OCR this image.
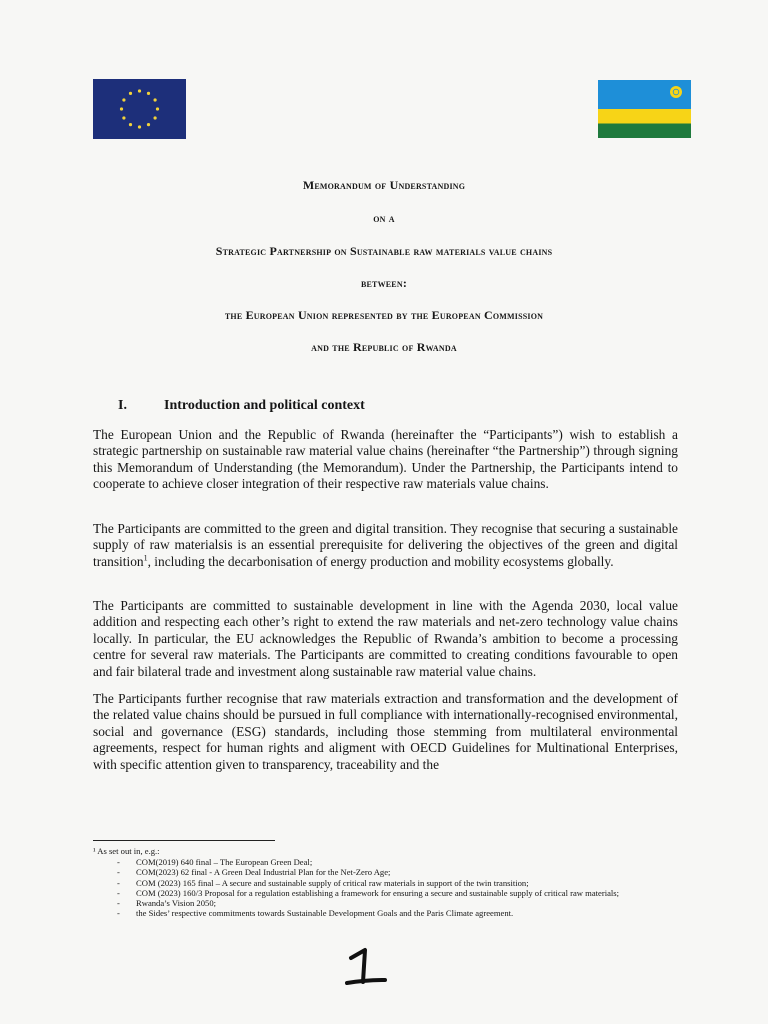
Memorandum of Understanding
on a
Strategic Partnership on Sustainable raw materials value chains
between:
the European Union represented by the European Commission
and the Republic of Rwanda
I.	Introduction and political context
The European Union and the Republic of Rwanda (hereinafter the “Participants”) wish to establish a strategic partnership on sustainable raw material value chains (hereinafter “the Partnership”) through signing this Memorandum of Understanding (the Memorandum). Under the Partnership, the Participants intend to cooperate to achieve closer integration of their respective raw materials value chains.
The Participants are committed to the green and digital transition. They recognise that securing a sustainable supply of raw materialsis is an essential prerequisite for delivering the objectives of the green and digital transition$^1$, including the decarbonisation of energy production and mobility ecosystems globally.
The Participants are committed to sustainable development in line with the Agenda 2030, local value addition and respecting each other’s right to extend the raw materials and net-zero technology value chains locally. In particular, the EU acknowledges the Republic of Rwanda’s ambition to become a processing centre for several raw materials. The Participants are committed to creating conditions favourable to open and fair bilateral trade and investment along sustainable raw material value chains.
The Participants further recognise that raw materials extraction and transformation and the development of the related value chains should be pursued in full compliance with internationally-recognised environmental, social and governance (ESG) standards, including those stemming from multilateral environmental agreements, respect for human rights and aligment with OECD Guidelines for Multinational Enterprises, with specific attention given to transparency, traceability and the
¹ As set out in, e.g.:
- COM(2019) 640 final – The European Green Deal;
- COM(2023) 62 final - A Green Deal Industrial Plan for the Net-Zero Age;
- COM (2023) 165 final – A secure and sustainable supply of critical raw materials in support of the twin transition;
- COM (2023) 160/3 Proposal for a regulation establishing a framework for ensuring a secure and sustainable supply of critical raw materials;
- Rwanda’s Vision 2050;
- the Sides’ respective commitments towards Sustainable Development Goals and the Paris Climate agreement.
